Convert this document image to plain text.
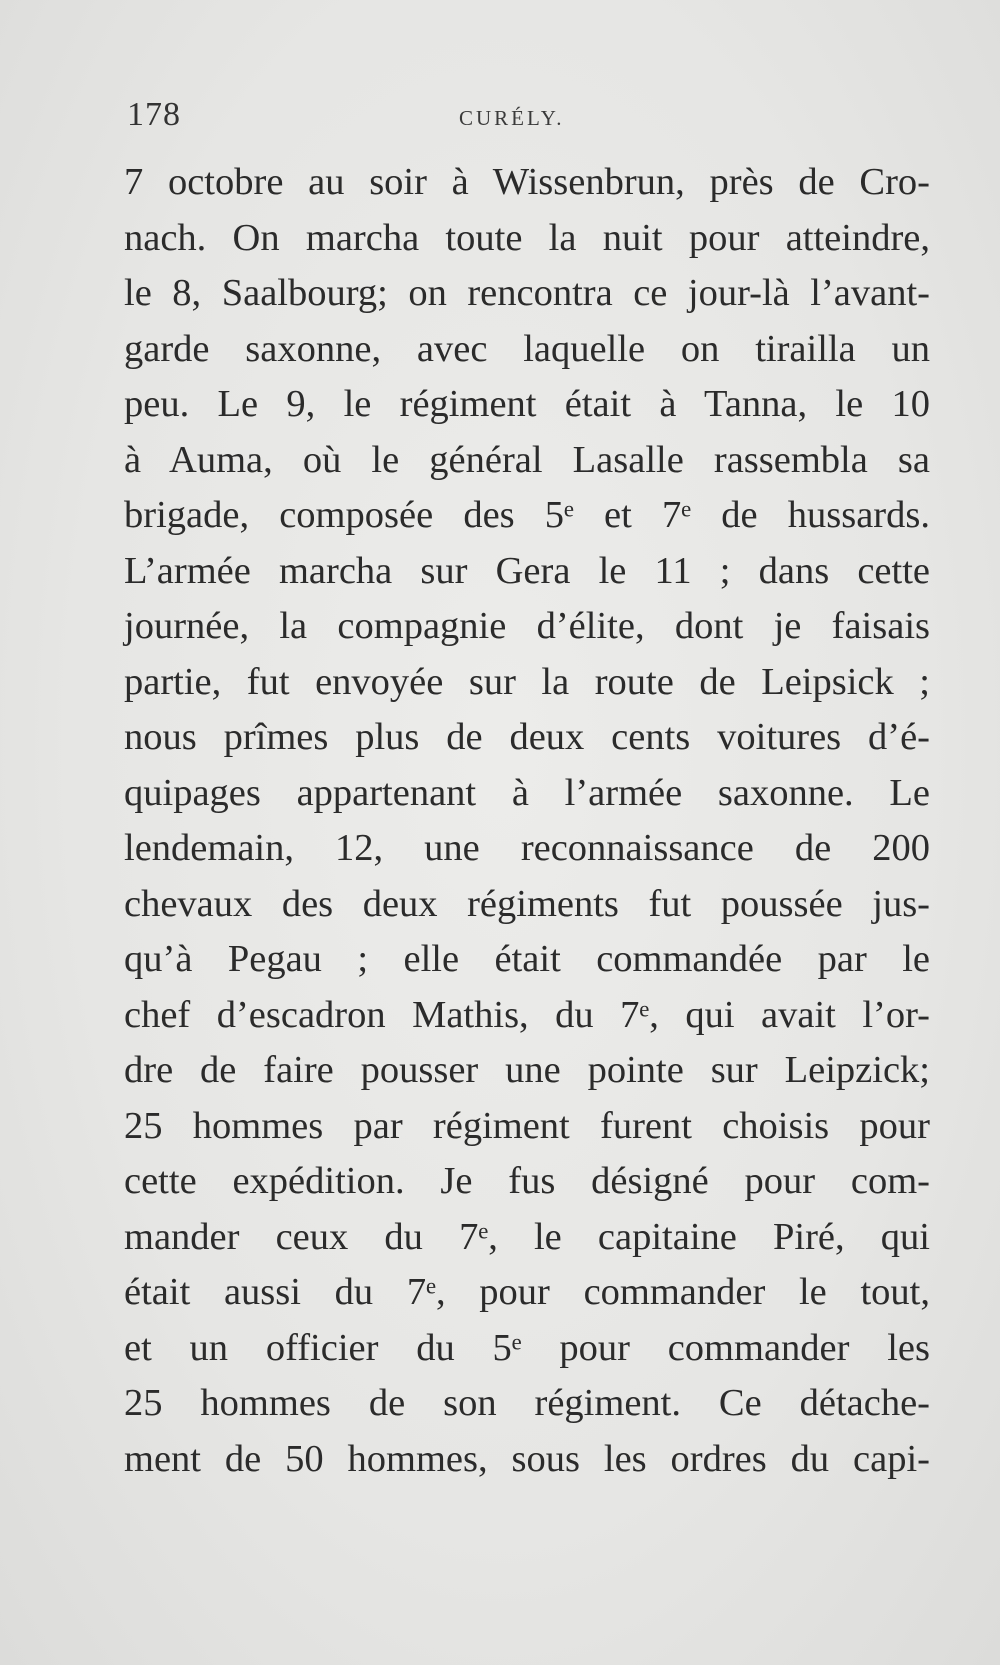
178	CURÉLY.
7 octobre au soir à Wissenbrun, près de Cro-
nach. On marcha toute la nuit pour atteindre,
le 8, Saalbourg; on rencontra ce jour-là l’avant-
garde saxonne, avec laquelle on tirailla un
peu. Le 9, le régiment était à Tanna, le 10
à Auma, où le général Lasalle rassembla sa
brigade, composée des 5ᵉ et 7ᵉ de hussards.
L’armée marcha sur Gera le 11 ; dans cette
journée, la compagnie d’élite, dont je faisais
partie, fut envoyée sur la route de Leipsick ;
nous prîmes plus de deux cents voitures d’é-
quipages appartenant à l’armée saxonne. Le
lendemain, 12, une reconnaissance de 200
chevaux des deux régiments fut poussée jus-
qu’à Pegau ; elle était commandée par le
chef d’escadron Mathis, du 7ᵉ, qui avait l’or-
dre de faire pousser une pointe sur Leipzick;
25 hommes par régiment furent choisis pour
cette expédition. Je fus désigné pour com-
mander ceux du 7ᵉ, le capitaine Piré, qui
était aussi du 7ᵉ, pour commander le tout,
et un officier du 5ᵉ pour commander les
25 hommes de son régiment. Ce détache-
ment de 50 hommes, sous les ordres du capi-
